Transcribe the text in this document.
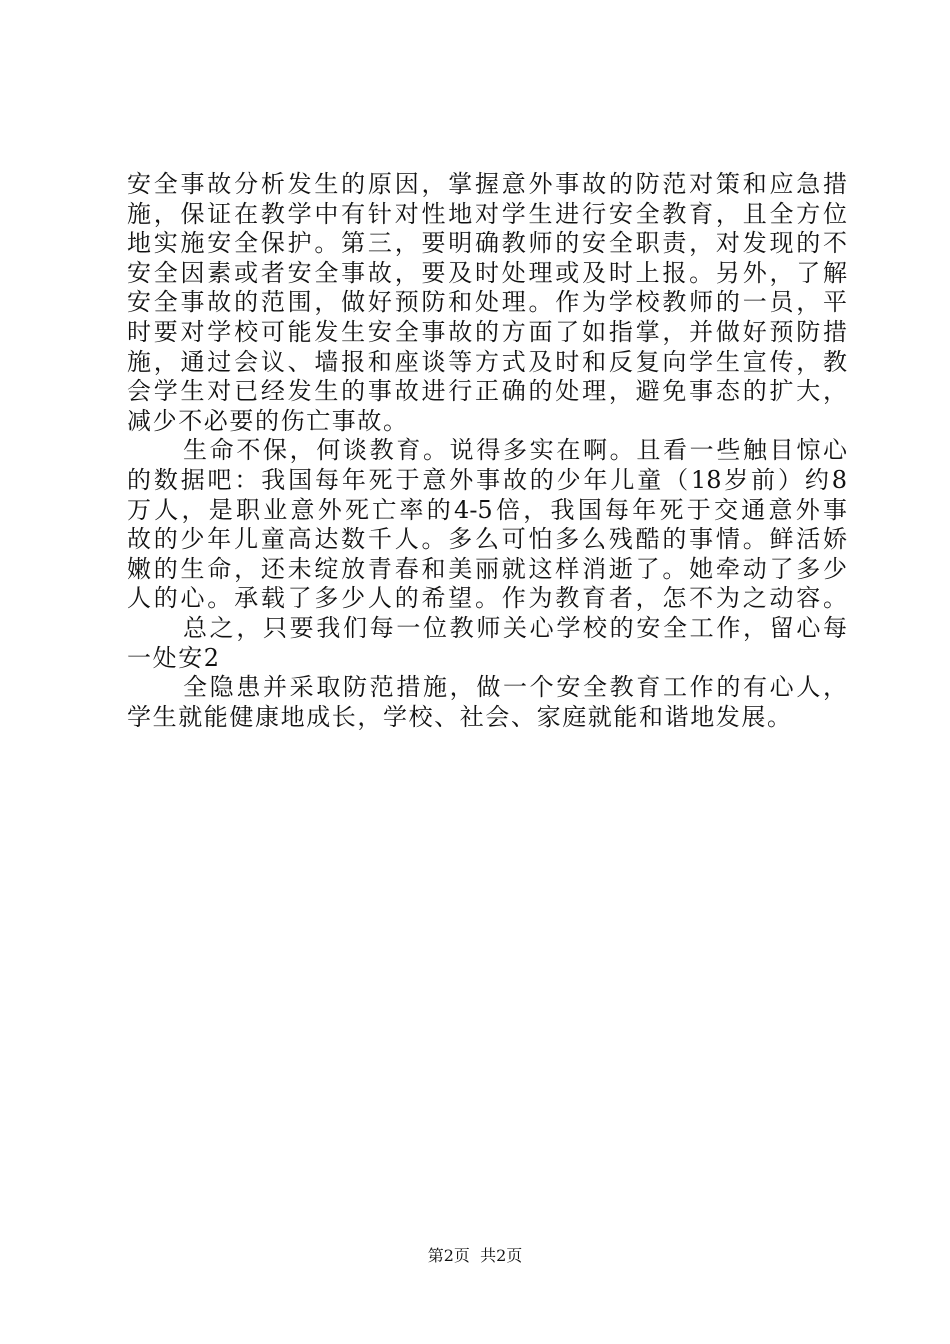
安全事故分析发生的原因，掌握意外事故的防范对策和应急措
施，保证在教学中有针对性地对学生进行安全教育，且全方位
地实施安全保护。第三，要明确教师的安全职责，对发现的不
安全因素或者安全事故，要及时处理或及时上报。另外，了解
安全事故的范围，做好预防和处理。作为学校教师的一员，平
时要对学校可能发生安全事故的方面了如指掌，并做好预防措
施，通过会议、墙报和座谈等方式及时和反复向学生宣传，教
会学生对已经发生的事故进行正确的处理，避免事态的扩大，
减少不必要的伤亡事故。
生命不保，何谈教育。说得多实在啊。且看一些触目惊心
的数据吧：我国每年死于意外事故的少年儿童（18岁前）约8
万人，是职业意外死亡率的4-5倍，我国每年死于交通意外事
故的少年儿童高达数千人。多么可怕多么残酷的事情。鲜活娇
嫩的生命，还未绽放青春和美丽就这样消逝了。她牵动了多少
人的心。承载了多少人的希望。作为教育者，怎不为之动容。
总之，只要我们每一位教师关心学校的安全工作，留心每
一处安2
全隐患并采取防范措施，做一个安全教育工作的有心人，
学生就能健康地成长，学校、社会、家庭就能和谐地发展。
第2页  共2页
